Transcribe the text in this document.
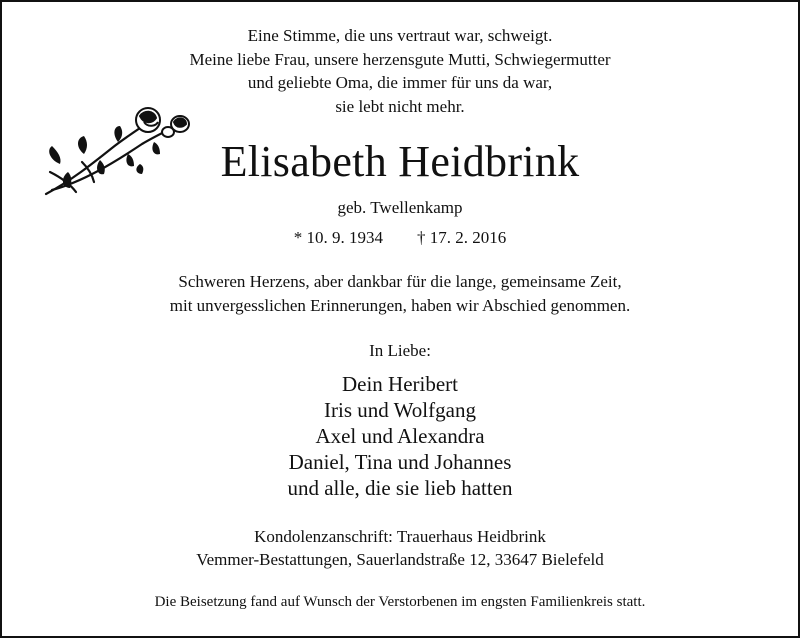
Eine Stimme, die uns vertraut war, schweigt.
Meine liebe Frau, unsere herzensgute Mutti, Schwiegermutter
und geliebte Oma, die immer für uns da war,
sie lebt nicht mehr.
Elisabeth Heidbrink
geb. Twellenkamp
* 10. 9. 1934 † 17. 2. 2016
Schweren Herzens, aber dankbar für die lange, gemeinsame Zeit,
mit unvergesslichen Erinnerungen, haben wir Abschied genommen.
In Liebe:
Dein Heribert
Iris und Wolfgang
Axel und Alexandra
Daniel, Tina und Johannes
und alle, die sie lieb hatten
Kondolenzanschrift: Trauerhaus Heidbrink
Vemmer-Bestattungen, Sauerlandstraße 12, 33647 Bielefeld
Die Beisetzung fand auf Wunsch der Verstorbenen im engsten Familienkreis statt.
